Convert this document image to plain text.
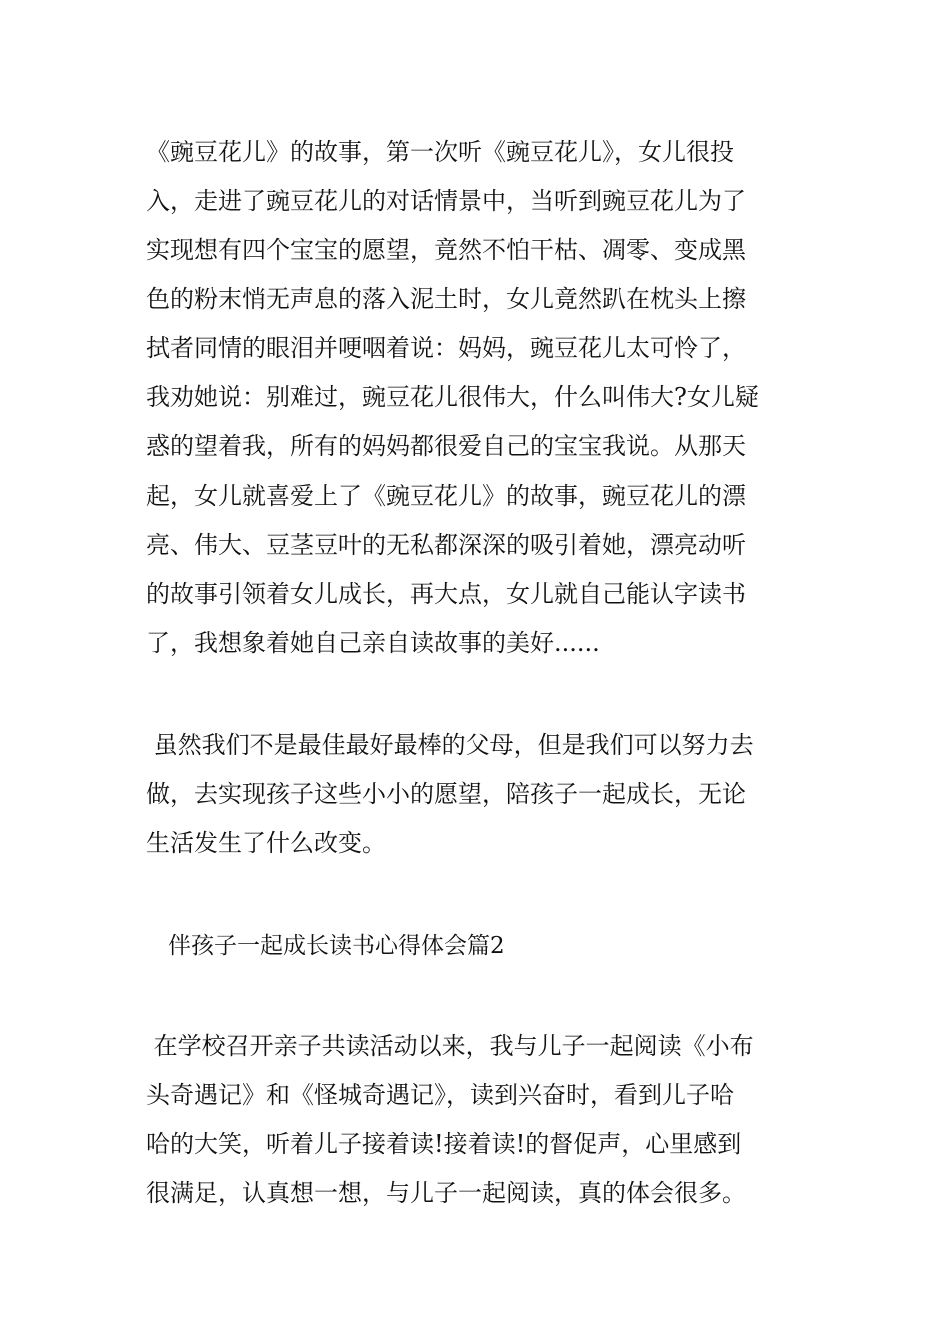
《豌豆花儿》的故事，第一次听《豌豆花儿》，女儿很投

入，走进了豌豆花儿的对话情景中，当听到豌豆花儿为了

实现想有四个宝宝的愿望，竟然不怕干枯、凋零、变成黑

色的粉末悄无声息的落入泥土时，女儿竟然趴在枕头上擦

拭者同情的眼泪并哽咽着说：妈妈，豌豆花儿太可怜了，

我劝她说：别难过，豌豆花儿很伟大，什么叫伟大?女儿疑

惑的望着我，所有的妈妈都很爱自己的宝宝我说。从那天

起，女儿就喜爱上了《豌豆花儿》的故事，豌豆花儿的漂

亮、伟大、豆茎豆叶的无私都深深的吸引着她，漂亮动听

的故事引领着女儿成长，再大点，女儿就自己能认字读书

了，我想象着她自己亲自读故事的美好......

虽然我们不是最佳最好最棒的父母，但是我们可以努力去

做，去实现孩子这些小小的愿望，陪孩子一起成长，无论

生活发生了什么改变。

伴孩子一起成长读书心得体会篇2

在学校召开亲子共读活动以来，我与儿子一起阅读《小布

头奇遇记》和《怪城奇遇记》，读到兴奋时，看到儿子哈

哈的大笑，听着儿子接着读!接着读!的督促声，心里感到

很满足，认真想一想，与儿子一起阅读，真的体会很多。
